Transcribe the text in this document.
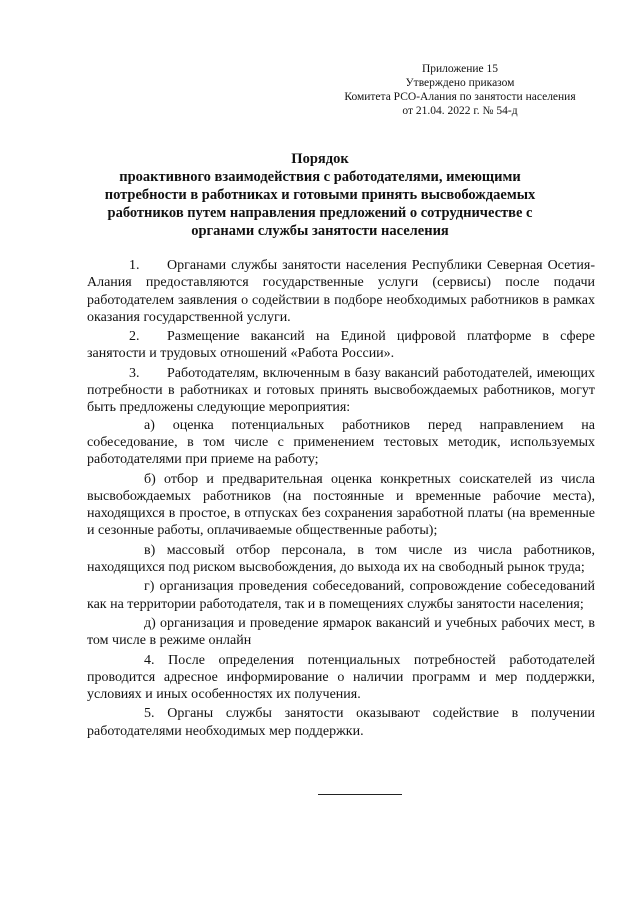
Приложение 15
Утверждено приказом
Комитета РСО-Алания по занятости населения
от 21.04. 2022 г. № 54-д
Порядок
проактивного взаимодействия с работодателями, имеющими
потребности в работниках и готовыми принять высвобождаемых
работников путем направления предложений о сотрудничестве с
органами службы занятости населения

1. Органами службы занятости населения Республики Северная Осетия-Алания предоставляются государственные услуги (сервисы) после подачи работодателем заявления о содействии в подборе необходимых работников в рамках оказания государственной услуги.

2. Размещение вакансий на Единой цифровой платформе в сфере занятости и трудовых отношений «Работа России».

3. Работодателям, включенным в базу вакансий работодателей, имеющих потребности в работниках и готовых принять высвобождаемых работников, могут быть предложены следующие мероприятия:

а) оценка потенциальных работников перед направлением на собеседование, в том числе с применением тестовых методик, используемых работодателями при приеме на работу;

б) отбор и предварительная оценка конкретных соискателей из числа высвобождаемых работников (на постоянные и временные рабочие места), находящихся в простое, в отпусках без сохранения заработной платы (на временные и сезонные работы, оплачиваемые общественные работы);

в) массовый отбор персонала, в том числе из числа работников, находящихся под риском высвобождения, до выхода их на свободный рынок труда;

г) организация проведения собеседований, сопровождение собеседований как на территории работодателя, так и в помещениях службы занятости населения;

д) организация и проведение ярмарок вакансий и учебных рабочих мест, в том числе в режиме онлайн

4. После определения потенциальных потребностей работодателей проводится адресное информирование о наличии программ и мер поддержки, условиях и иных особенностях их получения.

5. Органы службы занятости оказывают содействие в получении работодателями необходимых мер поддержки.
